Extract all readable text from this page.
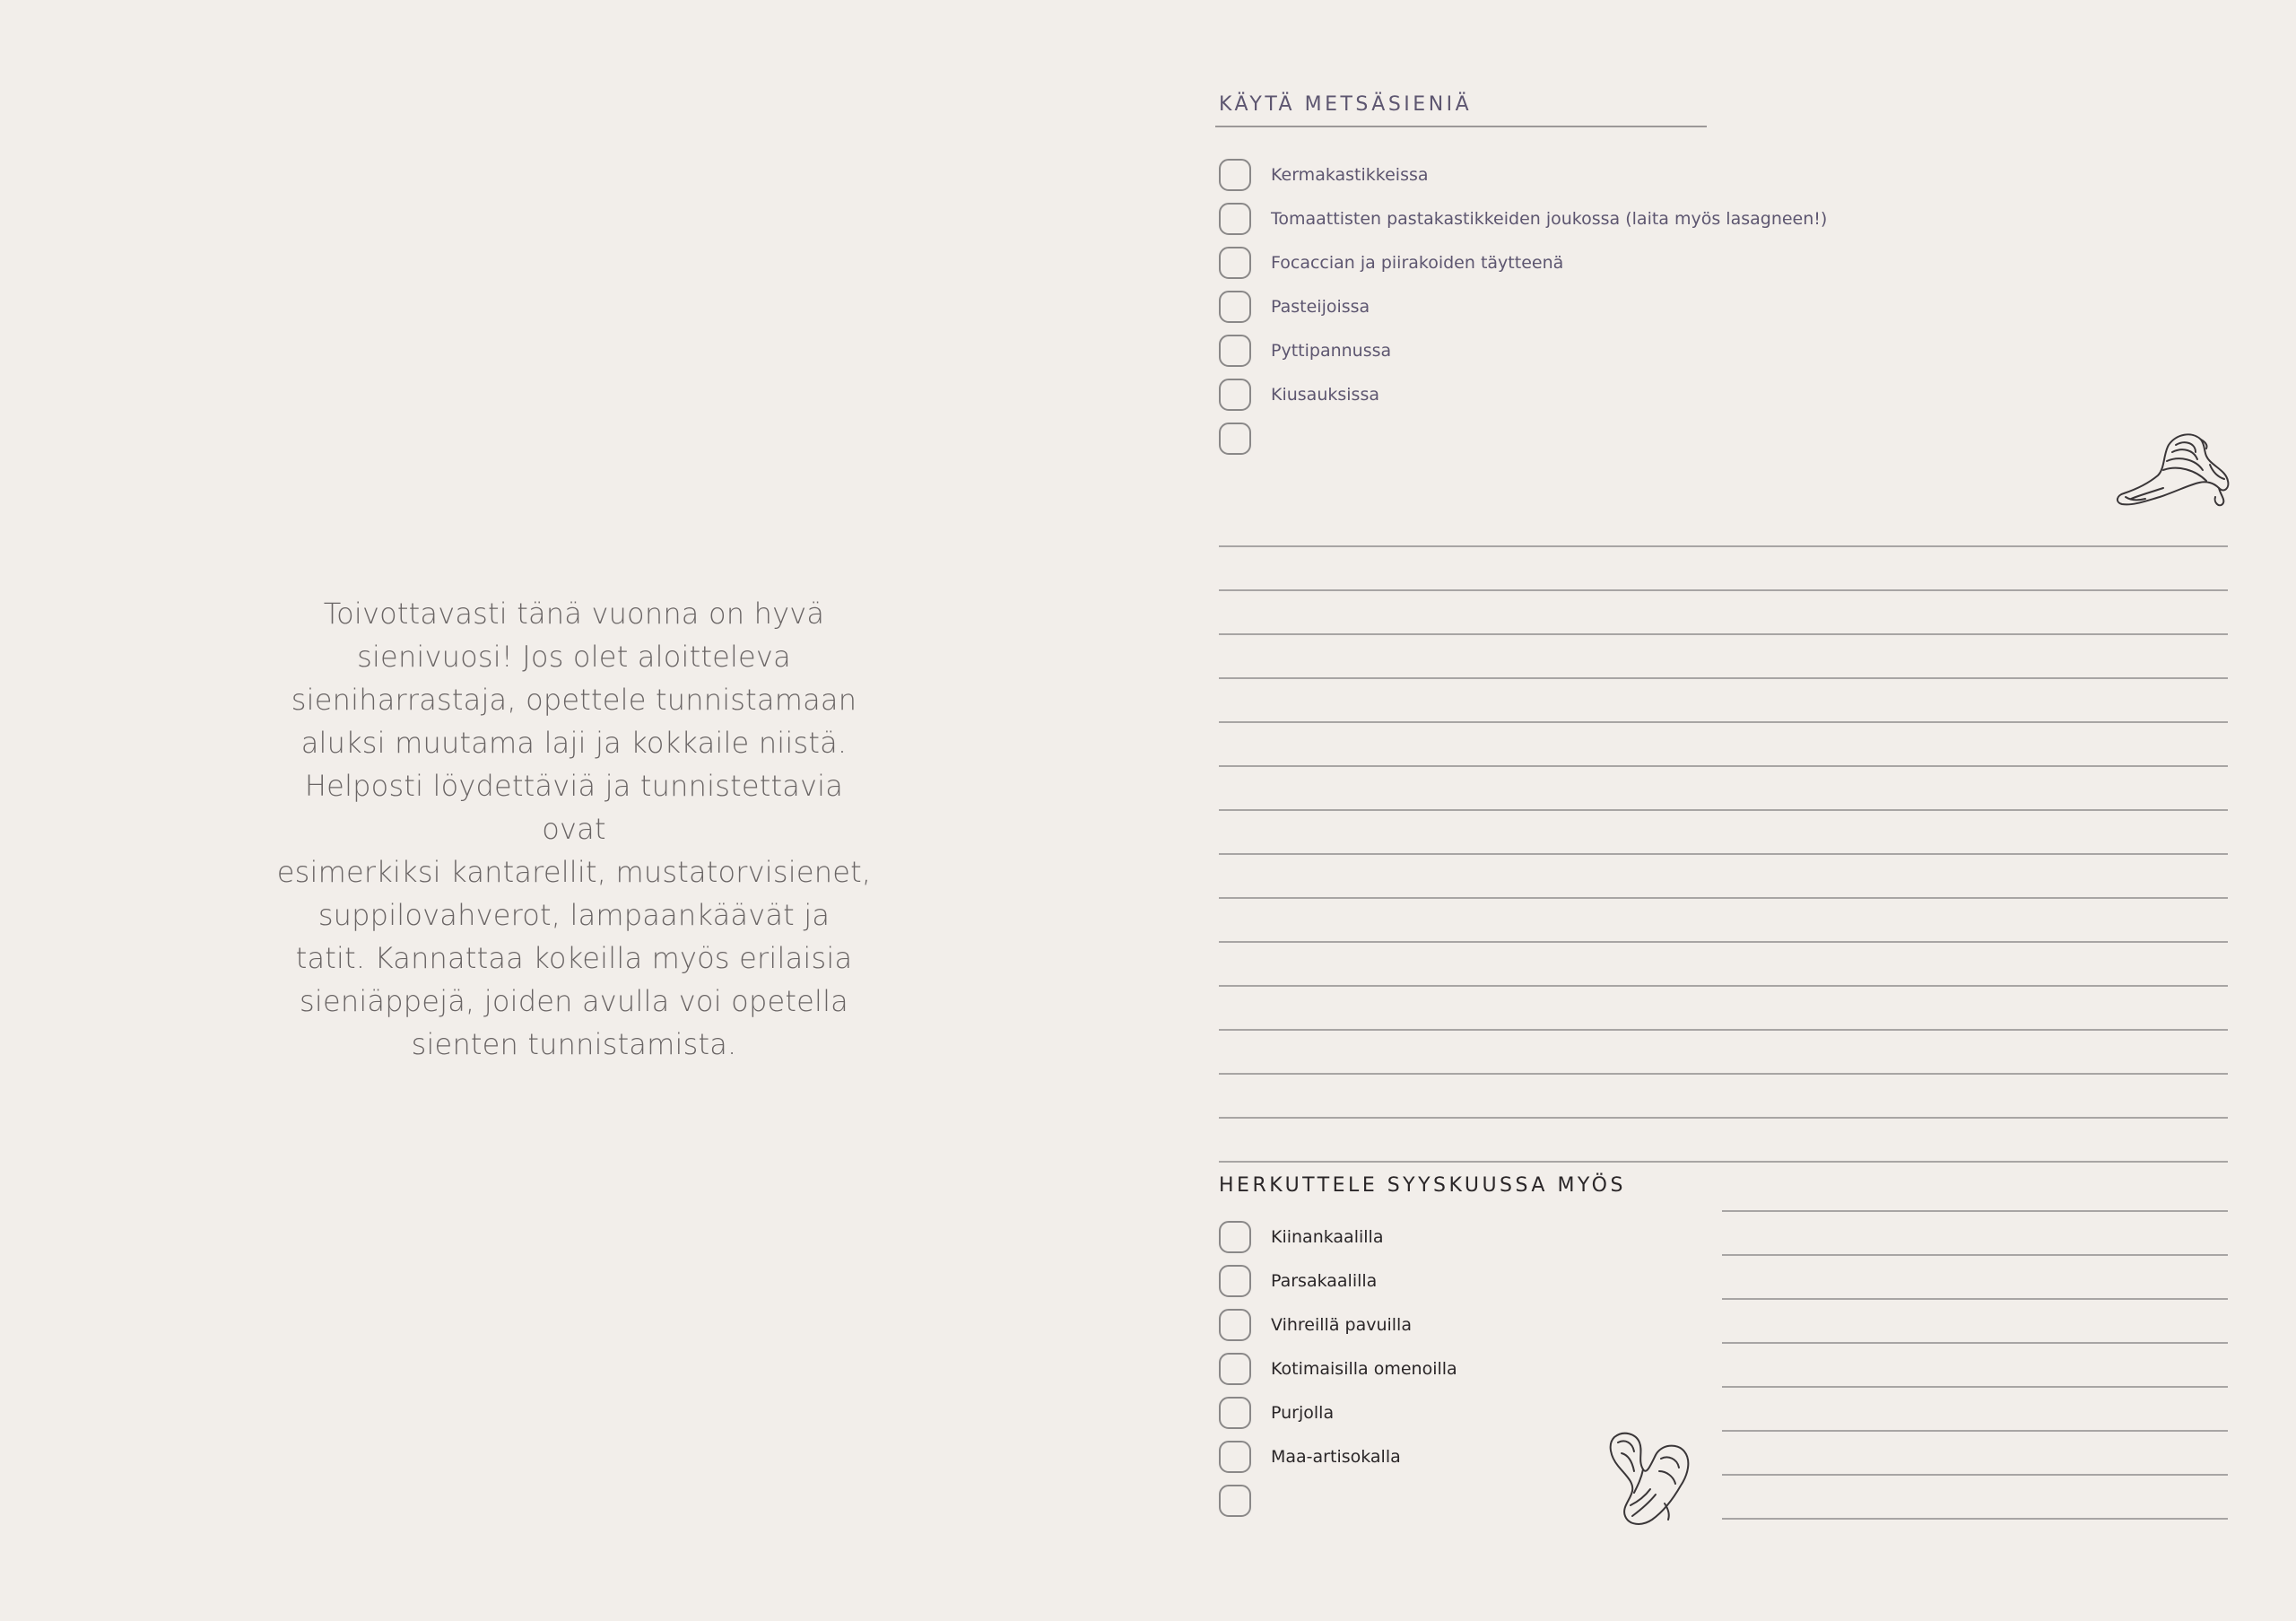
Toivottavasti tänä vuonna on hyvä
sienivuosi! Jos olet aloitteleva
sieniharrastaja, opettele tunnistamaan
aluksi muutama laji ja kokkaile niistä.
Helposti löydettäviä ja tunnistettavia ovat
esimerkiksi kantarellit, mustatorvisienet,
suppilovahverot, lampaankäävät ja
tatit. Kannattaa kokeilla myös erilaisia
sieniäppejä, joiden avulla voi opetella
sienten tunnistamista.

KÄYTÄ METSÄSIENIÄ
Kermakastikkeissa
Tomaattisten pastakastikkeiden joukossa (laita myös lasagneen!)
Focaccian ja piirakoiden täytteenä
Pasteijoissa
Pyttipannussa
Kiusauksissa
HERKUTTELE SYYSKUUSSA MYÖS
Kiinankaalilla
Parsakaalilla
Vihreillä pavuilla
Kotimaisilla omenoilla
Purjolla
Maa-artisokalla
